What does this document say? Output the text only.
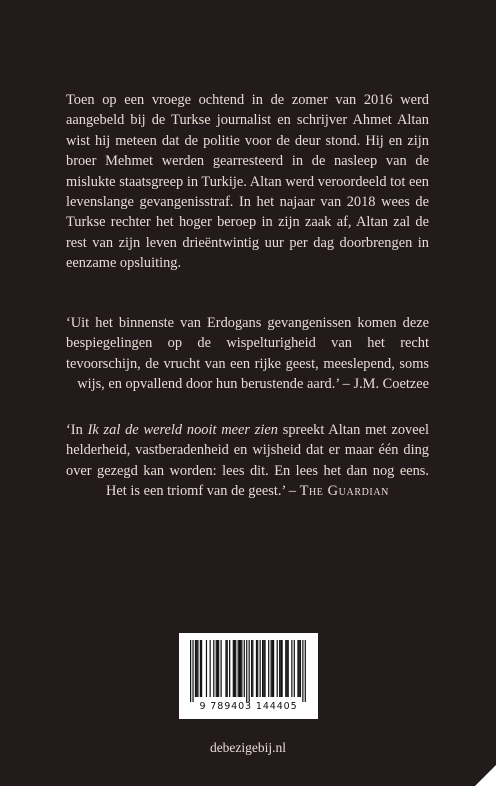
Toen op een vroege ochtend in de zomer van 2016 werd aangebeld bij de Turkse journalist en schrijver Ahmet Altan wist hij meteen dat de politie voor de deur stond. Hij en zijn broer Mehmet werden gearresteerd in de nasleep van de mislukte staatsgreep in Turkije. Altan werd veroordeeld tot een levenslange gevangenisstraf. In het najaar van 2018 wees de Turkse rechter het hoger beroep in zijn zaak af, Altan zal de rest van zijn leven drieëntwintig uur per dag doorbrengen in eenzame opsluiting.

‘Uit het binnenste van Erdogans gevangenissen komen deze bespiegelingen op de wispelturigheid van het recht tevoorschijn, de vrucht van een rijke geest, meeslepend, soms wijs, en opvallend door hun berustende aard.’ – J.M. Coetzee

‘In Ik zal de wereld nooit meer zien spreekt Altan met zoveel helderheid, vastberadenheid en wijsheid dat er maar één ding over gezegd kan worden: lees dit. En lees het dan nog eens. Het is een triomf van de geest.’ – The Guardian

9 789403 144405
debezigebij.nl
